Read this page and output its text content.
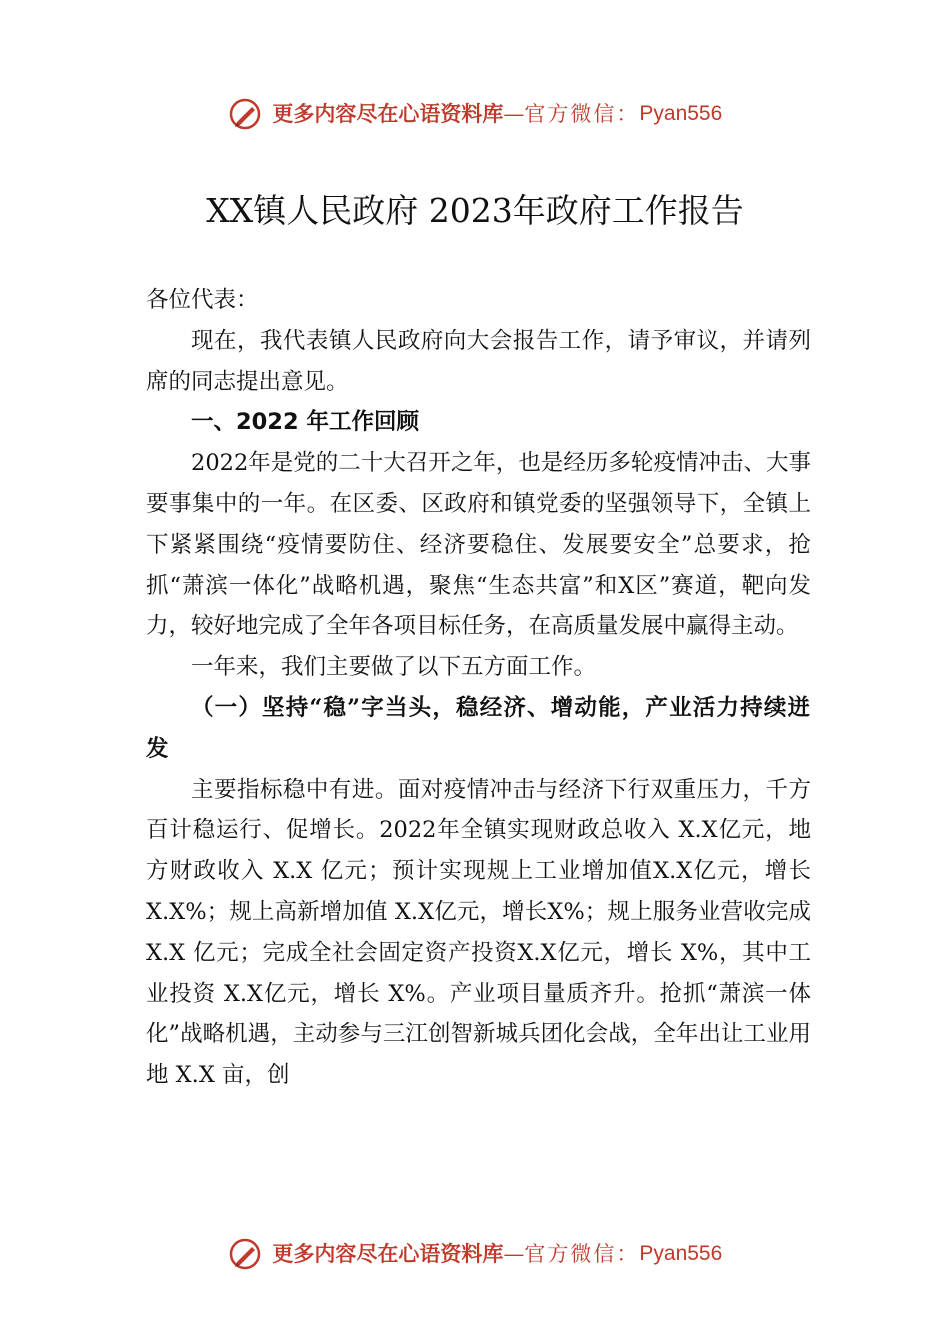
更多内容尽在心语资料库—官方微信：Pyan556
XX镇人民政府 2023年政府工作报告

各位代表：

现在，我代表镇人民政府向大会报告工作，请予审议，并请列席的同志提出意见。

一、2022 年工作回顾

2022年是党的二十大召开之年，也是经历多轮疫情冲击、大事要事集中的一年。在区委、区政府和镇党委的坚强领导下，全镇上下紧紧围绕“疫情要防住、经济要稳住、发展要安全”总要求，抢抓“萧滨一体化”战略机遇，聚焦“生态共富”和X区”赛道，靶向发力，较好地完成了全年各项目标任务，在高质量发展中赢得主动。

一年来，我们主要做了以下五方面工作。

（一）坚持“稳”字当头，稳经济、增动能，产业活力持续迸发

主要指标稳中有进。面对疫情冲击与经济下行双重压力，千方百计稳运行、促增长。2022年全镇实现财政总收入 X.X亿元，地方财政收入 X.X 亿元；预计实现规上工业增加值X.X亿元，增长 X.X%；规上高新增加值 X.X亿元，增长X%；规上服务业营收完成 X.X 亿元；完成全社会固定资产投资X.X亿元，增长 X%，其中工业投资 X.X亿元，增长 X%。产业项目量质齐升。抢抓“萧滨一体化”战略机遇，主动参与三江创智新城兵团化会战，全年出让工业用地 X.X 亩，创

更多内容尽在心语资料库—官方微信：Pyan556
